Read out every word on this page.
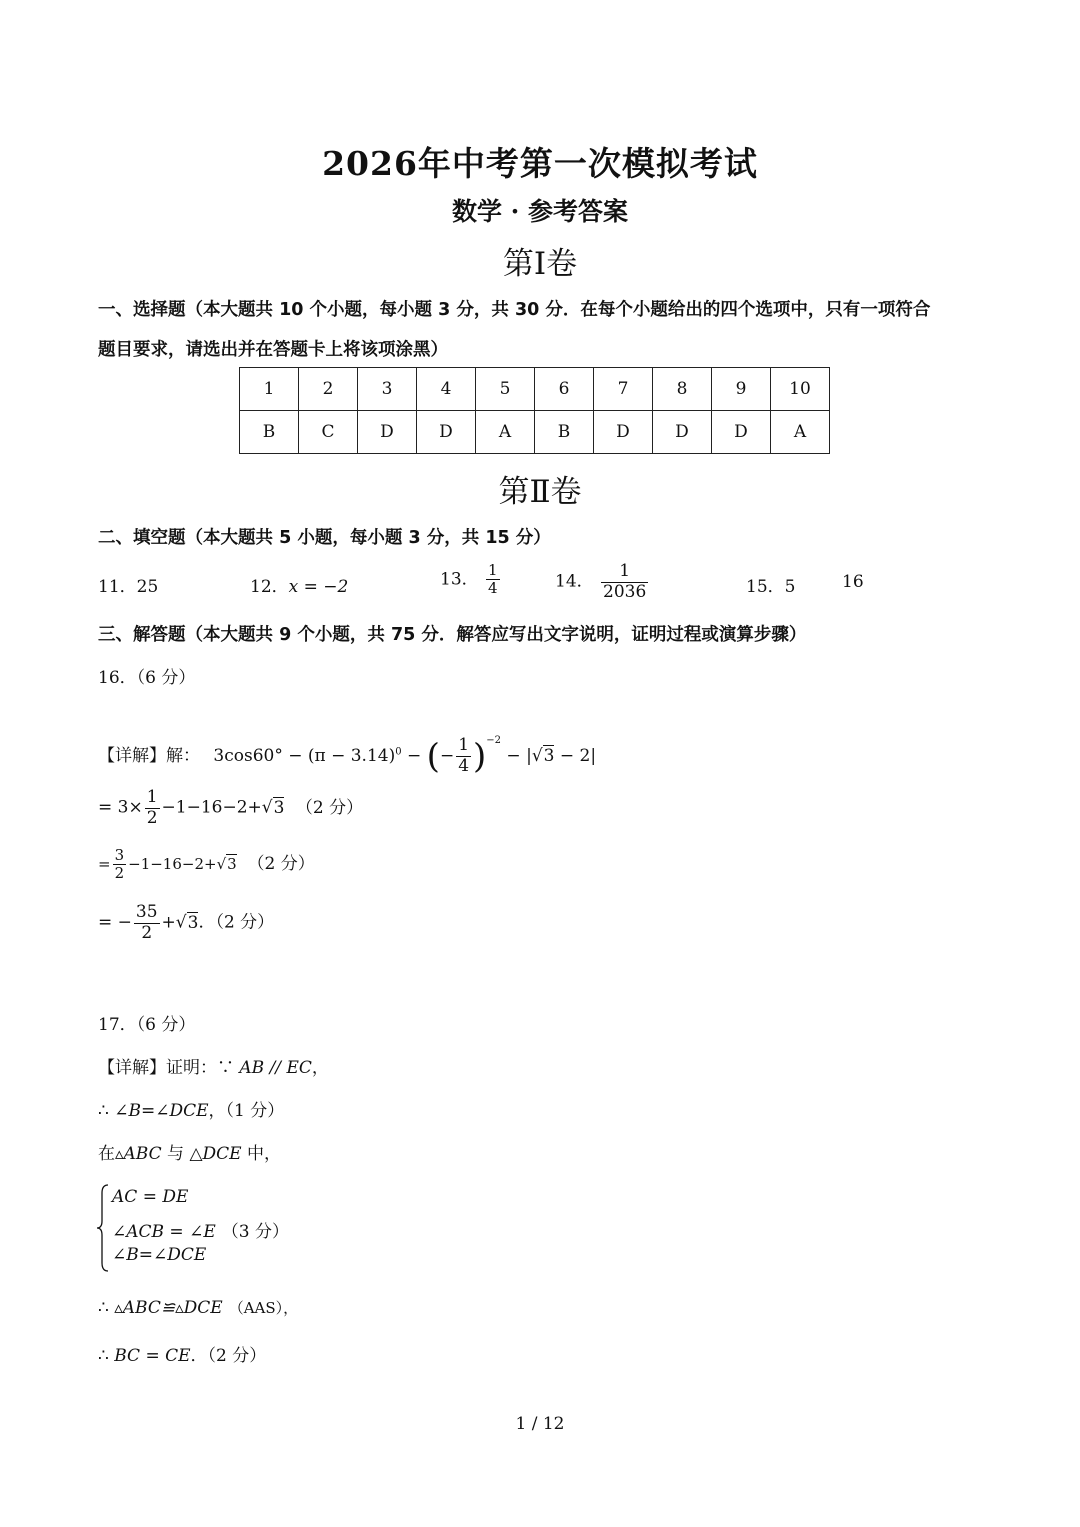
2026年中考第一次模拟考试
数学 · 参考答案
第Ⅰ卷
一、选择题（本大题共 10 个小题，每小题 3 分，共 30 分．在每个小题给出的四个选项中，只有一项符合
题目要求，请选出并在答题卡上将该项涂黑）
1	2	3	4	5	6	7	8	9	10
B	C	D	D	A	B	D	D	D	A
第Ⅱ卷
二、填空题（本大题共 5 小题，每小题 3 分，共 15 分）
11．25	12．x = −2	13． $\frac{1}{4}$	14． $\frac{1}{2036}$	15．5	16
三、解答题（本大题共 9 个小题，共 75 分．解答应写出文字说明，证明过程或演算步骤）
16．（6 分）
【详解】解： $3\cos 60^\circ - (\pi - 3.14)^0$ − (− $\frac{1}{4} )^{-2} - |√3 - 2|$
= $3\times \frac{1}{2} -1-16-2+√3$ （2 分）
= $\frac{3}{2} -1-16-2+√3$ （2 分）
= − $\frac{35}{2} +√3$．（2 分）
17．（6 分）
【详解】证明：∵ AB // EC，
∴ ∠B=∠DCE，（1 分）
在▵ABC 与 △DCE 中，
AC = DE
∠ACB = ∠E （3 分）
∠B=∠DCE
∴ ▵ABC≌▵DCE （AAS），
∴ BC = CE．（2 分）
1 / 12
